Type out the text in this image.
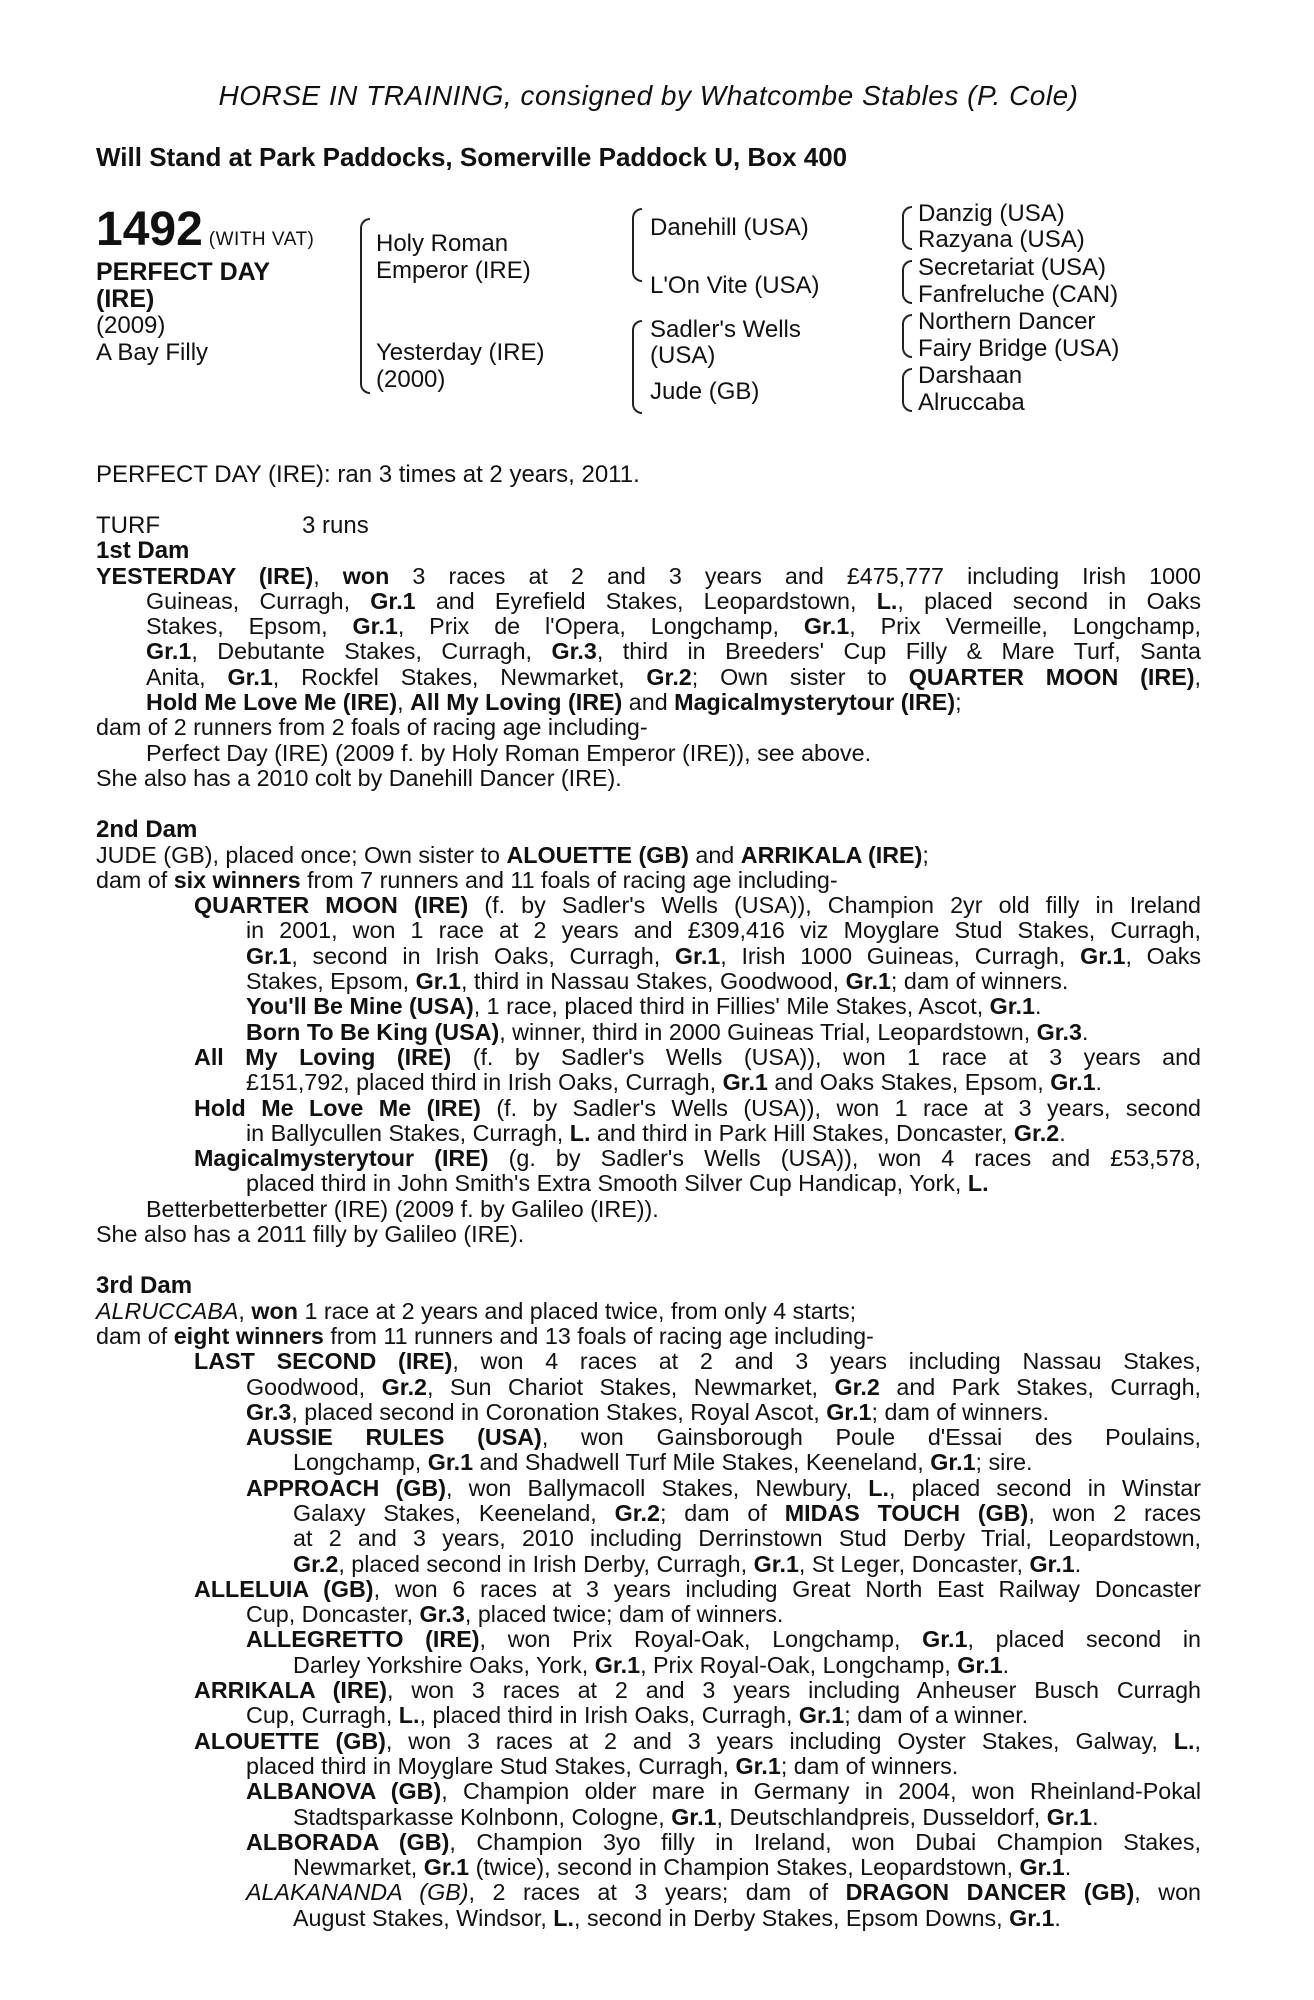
HORSE IN TRAINING, consigned by Whatcombe Stables (P. Cole)
Will Stand at Park Paddocks, Somerville Paddock U, Box 400
1492 (WITH VAT)
PERFECT DAY
(IRE)
(2009)
A Bay Filly
Holy Roman
Emperor (IRE)
Yesterday (IRE)
(2000)
Danehill (USA)
L'On Vite (USA)
Sadler's Wells
(USA)
Jude (GB)
Danzig (USA)
Razyana (USA)
Secretariat (USA)
Fanfreluche (CAN)
Northern Dancer
Fairy Bridge (USA)
Darshaan
Alruccaba
PERFECT DAY (IRE): ran 3 times at 2 years, 2011.
TURF	3 runs
1st Dam
YESTERDAY (IRE), won 3 races at 2 and 3 years and £475,777 including Irish 1000
Guineas, Curragh, Gr.1 and Eyrefield Stakes, Leopardstown, L., placed second in Oaks
Stakes, Epsom, Gr.1, Prix de l'Opera, Longchamp, Gr.1, Prix Vermeille, Longchamp,
Gr.1, Debutante Stakes, Curragh, Gr.3, third in Breeders' Cup Filly & Mare Turf, Santa
Anita, Gr.1, Rockfel Stakes, Newmarket, Gr.2; Own sister to QUARTER MOON (IRE),
Hold Me Love Me (IRE), All My Loving (IRE) and Magicalmysterytour (IRE);
dam of 2 runners from 2 foals of racing age including-
Perfect Day (IRE) (2009 f. by Holy Roman Emperor (IRE)), see above.
She also has a 2010 colt by Danehill Dancer (IRE).
2nd Dam
JUDE (GB), placed once; Own sister to ALOUETTE (GB) and ARRIKALA (IRE);
dam of six winners from 7 runners and 11 foals of racing age including-
QUARTER MOON (IRE) (f. by Sadler's Wells (USA)), Champion 2yr old filly in Ireland
in 2001, won 1 race at 2 years and £309,416 viz Moyglare Stud Stakes, Curragh,
Gr.1, second in Irish Oaks, Curragh, Gr.1, Irish 1000 Guineas, Curragh, Gr.1, Oaks
Stakes, Epsom, Gr.1, third in Nassau Stakes, Goodwood, Gr.1; dam of winners.
You'll Be Mine (USA), 1 race, placed third in Fillies' Mile Stakes, Ascot, Gr.1.
Born To Be King (USA), winner, third in 2000 Guineas Trial, Leopardstown, Gr.3.
All My Loving (IRE) (f. by Sadler's Wells (USA)), won 1 race at 3 years and
£151,792, placed third in Irish Oaks, Curragh, Gr.1 and Oaks Stakes, Epsom, Gr.1.
Hold Me Love Me (IRE) (f. by Sadler's Wells (USA)), won 1 race at 3 years, second
in Ballycullen Stakes, Curragh, L. and third in Park Hill Stakes, Doncaster, Gr.2.
Magicalmysterytour (IRE) (g. by Sadler's Wells (USA)), won 4 races and £53,578,
placed third in John Smith's Extra Smooth Silver Cup Handicap, York, L.
Betterbetterbetter (IRE) (2009 f. by Galileo (IRE)).
She also has a 2011 filly by Galileo (IRE).
3rd Dam
ALRUCCABA, won 1 race at 2 years and placed twice, from only 4 starts;
dam of eight winners from 11 runners and 13 foals of racing age including-
LAST SECOND (IRE), won 4 races at 2 and 3 years including Nassau Stakes,
Goodwood, Gr.2, Sun Chariot Stakes, Newmarket, Gr.2 and Park Stakes, Curragh,
Gr.3, placed second in Coronation Stakes, Royal Ascot, Gr.1; dam of winners.
AUSSIE RULES (USA), won Gainsborough Poule d'Essai des Poulains,
Longchamp, Gr.1 and Shadwell Turf Mile Stakes, Keeneland, Gr.1; sire.
APPROACH (GB), won Ballymacoll Stakes, Newbury, L., placed second in Winstar
Galaxy Stakes, Keeneland, Gr.2; dam of MIDAS TOUCH (GB), won 2 races
at 2 and 3 years, 2010 including Derrinstown Stud Derby Trial, Leopardstown,
Gr.2, placed second in Irish Derby, Curragh, Gr.1, St Leger, Doncaster, Gr.1.
ALLELUIA (GB), won 6 races at 3 years including Great North East Railway Doncaster
Cup, Doncaster, Gr.3, placed twice; dam of winners.
ALLEGRETTO (IRE), won Prix Royal-Oak, Longchamp, Gr.1, placed second in
Darley Yorkshire Oaks, York, Gr.1, Prix Royal-Oak, Longchamp, Gr.1.
ARRIKALA (IRE), won 3 races at 2 and 3 years including Anheuser Busch Curragh
Cup, Curragh, L., placed third in Irish Oaks, Curragh, Gr.1; dam of a winner.
ALOUETTE (GB), won 3 races at 2 and 3 years including Oyster Stakes, Galway, L.,
placed third in Moyglare Stud Stakes, Curragh, Gr.1; dam of winners.
ALBANOVA (GB), Champion older mare in Germany in 2004, won Rheinland-Pokal
Stadtsparkasse Kolnbonn, Cologne, Gr.1, Deutschlandpreis, Dusseldorf, Gr.1.
ALBORADA (GB), Champion 3yo filly in Ireland, won Dubai Champion Stakes,
Newmarket, Gr.1 (twice), second in Champion Stakes, Leopardstown, Gr.1.
ALAKANANDA (GB), 2 races at 3 years; dam of DRAGON DANCER (GB), won
August Stakes, Windsor, L., second in Derby Stakes, Epsom Downs, Gr.1.
